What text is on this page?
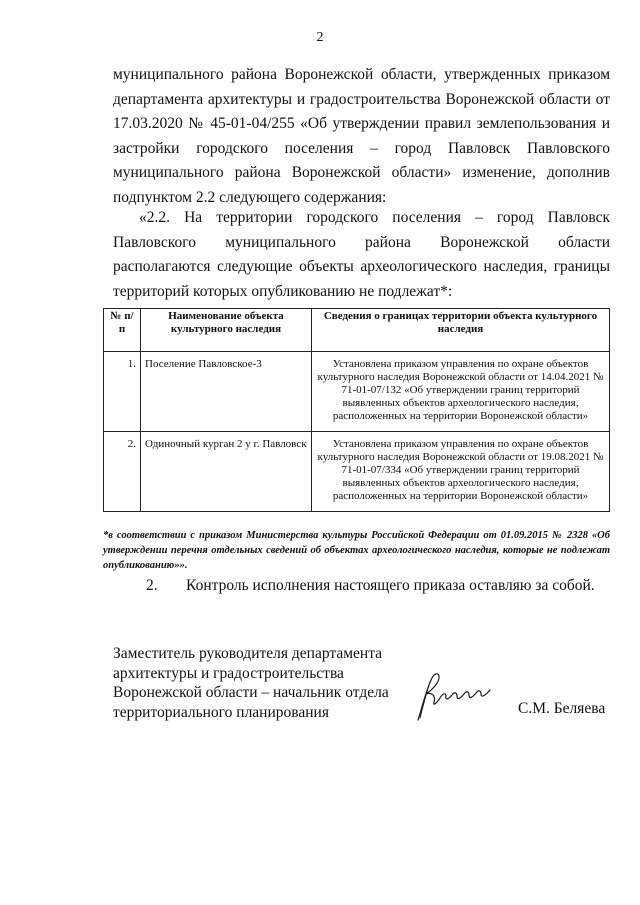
2

муниципального района Воронежской области, утвержденных приказом департамента архитектуры и градостроительства Воронежской области от 17.03.2020 № 45-01-04/255 «Об утверждении правил землепользования и застройки городского поселения – город Павловск Павловского муниципального района Воронежской области» изменение, дополнив подпунктом 2.2 следующего содержания:

«2.2. На территории городского поселения – город Павловск Павловского муниципального района Воронежской области располагаются следующие объекты археологического наследия, границы территорий которых опубликованию не подлежат*:

№ п/п	Наименование объекта культурного наследия	Сведения о границах территории объекта культурного наследия
1.	Поселение Павловское-3	Установлена приказом управления по охране объектов культурного наследия Воронежской области от 14.04.2021 № 71-01-07/132 «Об утверждении границ территорий выявленных объектов археологического наследия, расположенных на территории Воронежской области»
2.	Одиночный курган 2 у г. Павловск	Установлена приказом управления по охране объектов культурного наследия Воронежской области от 19.08.2021 № 71-01-07/334 «Об утверждении границ территорий выявленных объектов археологического наследия, расположенных на территории Воронежской области»

*в соответствии с приказом Министерства культуры Российской Федерации от 01.09.2015 № 2328 «Об утверждении перечня отдельных сведений об объектах археологического наследия, которые не подлежат опубликованию»».

2. Контроль исполнения настоящего приказа оставляю за собой.

Заместитель руководителя департамента
архитектуры и градостроительства
Воронежской области – начальник отдела
территориального планирования	С.М. Беляева
